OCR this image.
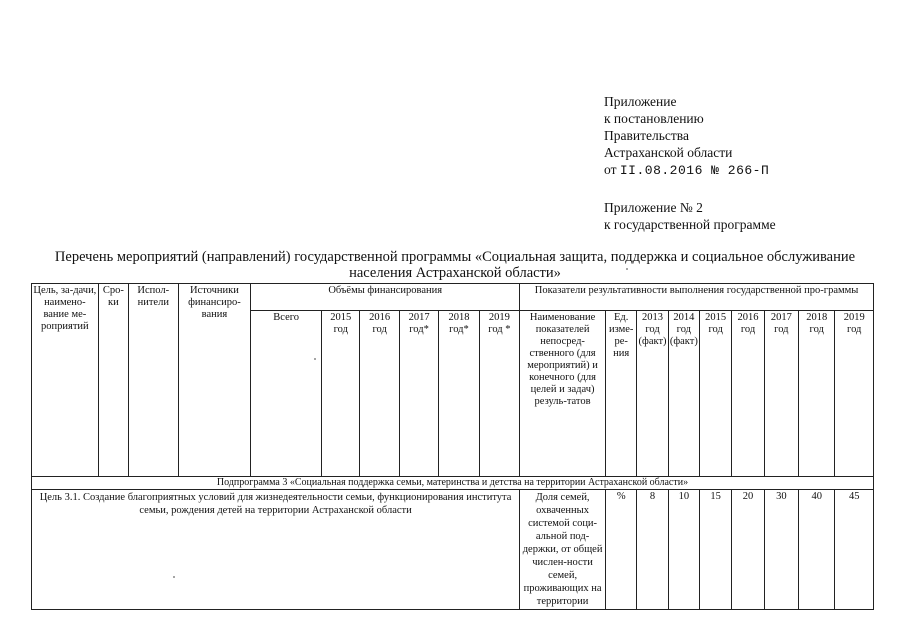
Приложение
к постановлению
Правительства
Астраханской области
от II.08.2016 № 266-П
Приложение № 2
к государственной программе
Перечень мероприятий (направлений) государственной программы «Социальная защита, поддержка и социальное обслуживание населения Астраханской области»
Цель, за-дачи, наимено-вание ме-роприятий	Сро-ки	Испол-нители	Источники финансиро-вания	Объёмы финансирования						Показатели результативности выполнения государственной про-граммы								
				Всего	2015 год	2016 год	2017 год*	2018 год*	2019 год *	Наименование показателей непосред-ственного (для мероприятий) и конечного (для целей и задач) резуль-татов	Ед. изме-ре-ния	2013 год (факт)	2014 год (факт)	2015 год	2016 год	2017 год	2018 год	2019 год
Подпрограмма 3 «Социальная поддержка семьи, материнства и детства на территории Астраханской области»																		
Цель 3.1. Создание благоприятных условий для жизнедеятельности семьи, функционирования института семьи, рождения детей на территории Астраханской области										Доля семей, охваченных системой соци-альной под-держки, от общей числен-ности семей, проживающих на территории	%	8	10	15	20	30	40	45
